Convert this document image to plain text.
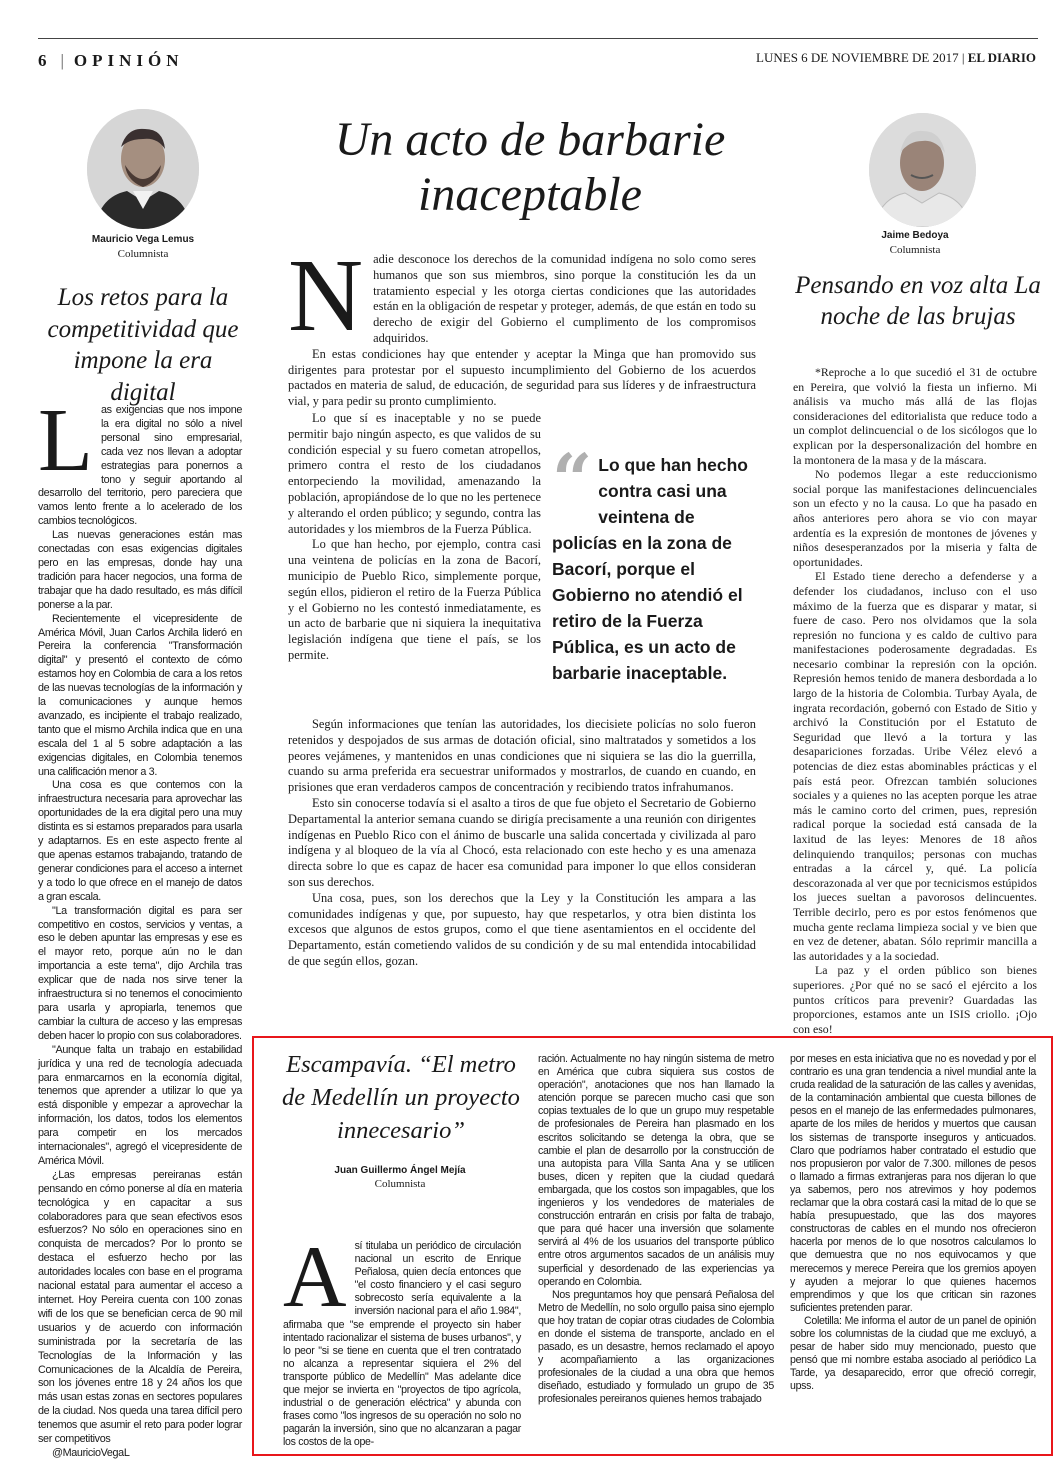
6 | OPINIÓN	LUNES 6 DE NOVIEMBRE DE 2017 | EL DIARIO
Mauricio Vega Lemus
Columnista
Los retos para la competitividad que impone la era digital

Las exigencias que nos impone la era digital no sólo a nivel personal sino empresarial, cada vez nos llevan a adoptar estrategias para ponernos a tono y seguir aportando al desarrollo del territorio, pero pareciera que vamos lento frente a lo acelerado de los cambios tecnológicos.

Las nuevas generaciones están mas conectadas con esas exigencias digitales pero en las empresas, donde hay una tradición para hacer negocios, una forma de trabajar que ha dado resultado, es más difícil ponerse a la par.

Recientemente el vicepresidente de América Móvil, Juan Carlos Archila lideró en Pereira la conferencia "Transformación digital" y presentó el contexto de cómo estamos hoy en Colombia de cara a los retos de las nuevas tecnologías de la información y la comunicaciones y aunque hemos avanzado, es incipiente el trabajo realizado, tanto que el mismo Archila indica que en una escala del 1 al 5 sobre adaptación a las exigencias digitales, en Colombia tenemos una calificación menor a 3.

Una cosa es que contemos con la infraestructura necesaria para aprovechar las oportunidades de la era digital pero una muy distinta es si estamos preparados para usarla y adaptarnos. Es en este aspecto frente al que apenas estamos trabajando, tratando de generar condiciones para el acceso a internet y a todo lo que ofrece en el manejo de datos a gran escala.

"La transformación digital es para ser competitivo en costos, servicios y ventas, a eso le deben apuntar las empresas y ese es el mayor reto, porque aún no le dan importancia a este tema", dijo Archila tras explicar que de nada nos sirve tener la infraestructura si no tenemos el conocimiento para usarla y apropiarla, tenemos que cambiar la cultura de acceso y las empresas deben hacer lo propio con sus colaboradores.

"Aunque falta un trabajo en estabilidad jurídica y una red de tecnología adecuada para enmarcarnos en la economía digital, tenemos que aprender a utilizar lo que ya está disponible y empezar a aprovechar la información, los datos, todos los elementos para competir en los mercados internacionales", agregó el vicepresidente de América Móvil.

¿Las empresas pereiranas están pensando en cómo ponerse al día en materia tecnológica y en capacitar a sus colaboradores para que sean efectivos esos esfuerzos? No sólo en operaciones sino en conquista de mercados? Por lo pronto se destaca el esfuerzo hecho por las autoridades locales con base en el programa nacional estatal para aumentar el acceso a internet. Hoy Pereira cuenta con 100 zonas wifi de los que se benefician cerca de 90 mil usuarios y de acuerdo con información suministrada por la secretaría de las Tecnologías de la Información y las Comunicaciones de la Alcaldía de Pereira, son los jóvenes entre 18 y 24 años los que más usan estas zonas en sectores populares de la ciudad. Nos queda una tarea difícil pero tenemos que asumir el reto para poder lograr ser competitivos

@MauricioVegaL

Un acto de barbarie inaceptable

Nadie desconoce los derechos de la comunidad indígena no solo como seres humanos que son sus miembros, sino porque la constitución les da un tratamiento especial y les otorga ciertas condiciones que las autoridades están en la obligación de respetar y proteger, además, de que están en todo su derecho de exigir del Gobierno el cumplimento de los compromisos adquiridos.

En estas condiciones hay que entender y aceptar la Minga que han promovido sus dirigentes para protestar por el supuesto incumplimiento del Gobierno de los acuerdos pactados en materia de salud, de educación, de seguridad para sus líderes y de infraestructura vial, y para pedir su pronto cumplimiento.

Lo que sí es inaceptable y no se puede permitir bajo ningún aspecto, es que validos de su condición especial y su fuero cometan atropellos, primero contra el resto de los ciudadanos entorpeciendo la movilidad, amenazando la población, apropiándose de lo que no les pertenece y alterando el orden público; y segundo, contra las autoridades y los miembros de la Fuerza Pública.

Lo que han hecho, por ejemplo, contra casi una veintena de policías en la zona de Bacorí, municipio de Pueblo Rico, simplemente porque, según ellos, pidieron el retiro de la Fuerza Pública y el Gobierno no les contestó inmediatamente, es un acto de barbarie que ni siquiera la inequitativa legislación indígena que tiene el país, se los permite.

“ Lo que han hecho contra casi una veintena de policías en la zona de Bacorí, porque el Gobierno no atendió el retiro de la Fuerza Pública, es un acto de barbarie inaceptable.

Según informaciones que tenían las autoridades, los diecisiete policías no solo fueron retenidos y despojados de sus armas de dotación oficial, sino maltratados y sometidos a los peores vejámenes, y mantenidos en unas condiciones que ni siquiera se las dio la guerrilla, cuando su arma preferida era secuestrar uniformados y mostrarlos, de cuando en cuando, en prisiones que eran verdaderos campos de concentración y recibiendo tratos infrahumanos.

Esto sin conocerse todavía si el asalto a tiros de que fue objeto el Secretario de Gobierno Departamental la anterior semana cuando se dirigía precisamente a una reunión con dirigentes indígenas en Pueblo Rico con el ánimo de buscarle una salida concertada y civilizada al paro indígena y al bloqueo de la vía al Chocó, esta relacionado con este hecho y es una amenaza directa sobre lo que es capaz de hacer esa comunidad para imponer lo que ellos consideran son sus derechos.

Una cosa, pues, son los derechos que la Ley y la Constitución les ampara a las comunidades indígenas y que, por supuesto, hay que respetarlos, y otra bien distinta los excesos que algunos de estos grupos, como el que tiene asentamientos en el occidente del Departamento, están cometiendo validos de su condición y de su mal entendida intocabilidad de que según ellos, gozan.

Jaime Bedoya
Columnista
Pensando en voz alta La noche de las brujas

*Reproche a lo que sucedió el 31 de octubre en Pereira, que volvió la fiesta un infierno. Mi análisis va mucho más allá de las flojas consideraciones del editorialista que reduce todo a un complot delincuencial o de los sicólogos que lo explican por la despersonalización del hombre en la montonera de la masa y de la máscara.

No podemos llegar a este reduccionismo social porque las manifestaciones delincuenciales son un efecto y no la causa. Lo que ha pasado en años anteriores pero ahora se vio con mayar ardentía es la expresión de montones de jóvenes y niños desesperanzados por la miseria y falta de oportunidades.

El Estado tiene derecho a defenderse y a defender los ciudadanos, incluso con el uso máximo de la fuerza que es disparar y matar, si fuere de caso. Pero nos olvidamos que la sola represión no funciona y es caldo de cultivo para manifestaciones poderosamente degradadas. Es necesario combinar la represión con la opción. Represión hemos tenido de manera desbordada a lo largo de la historia de Colombia. Turbay Ayala, de ingrata recordación, gobernó con Estado de Sitio y archivó la Constitución por el Estatuto de Seguridad que llevó a la tortura y las desapariciones forzadas. Uribe Vélez elevó a potencias de diez estas abominables prácticas y el país está peor. Ofrezcan también soluciones sociales y a quienes no las acepten porque les atrae más le camino corto del crimen, pues, represión radical porque la sociedad está cansada de la laxitud de las leyes: Menores de 18 años delinquiendo tranquilos; personas con muchas entradas a la cárcel y, qué. La policía descorazonada al ver que por tecnicismos estúpidos los jueces sueltan a pavorosos delincuentes. Terrible decirlo, pero es por estos fenómenos que mucha gente reclama limpieza social y ve bien que en vez de detener, abatan. Sólo reprimir mancilla a las autoridades y a la sociedad.

La paz y el orden público son bienes superiores. ¿Por qué no se sacó el ejército a los puntos críticos para prevenir? Guardadas las proporciones, estamos ante un ISIS criollo. ¡Ojo con eso!

Escampavía. “El metro de Medellín un proyecto innecesario”
Juan Guillermo Ángel Mejía
Columnista

Así titulaba un periódico de circulación nacional un escrito de Enrique Peñalosa, quien decía entonces que "el costo financiero y el casi seguro sobrecosto sería equivalente a la inversión nacional para el año 1.984", afirmaba que "se emprende el proyecto sin haber intentado racionalizar el sistema de buses urbanos", y lo peor "si se tiene en cuenta que el tren contratado no alcanza a representar siquiera el 2% del transporte público de Medellín" Mas adelante dice que mejor se invierta en "proyectos de tipo agrícola, industrial o de generación eléctrica" y abunda con frases como "los ingresos de su operación no solo no pagarán la inversión, sino que no alcanzaran a pagar los costos de la ope-

ración. Actualmente no hay ningún sistema de metro en América que cubra siquiera sus costos de operación", anotaciones que nos han llamado la atención porque se parecen mucho casi que son copias textuales de lo que un grupo muy respetable de profesionales de Pereira han plasmado en los escritos solicitando se detenga la obra, que se cambie el plan de desarrollo por la construcción de una autopista para Villa Santa Ana y se utilicen buses, dicen y repiten que la ciudad quedará embargada, que los costos son impagables, que los ingenieros y los vendedores de materiales de construcción entrarán en crisis por falta de trabajo, que para qué hacer una inversión que solamente servirá al 4% de los usuarios del transporte público entre otros argumentos sacados de un análisis muy superficial y desordenado de las experiencias ya operando en Colombia.

Nos preguntamos hoy que pensará Peñalosa del Metro de Medellín, no solo orgullo paisa sino ejemplo que hoy tratan de copiar otras ciudades de Colombia en donde el sistema de transporte, anclado en el pasado, es un desastre, hemos reclamado el apoyo y acompañamiento a las organizaciones profesionales de la ciudad a una obra que hemos diseñado, estudiado y formulado un grupo de 35 profesionales pereiranos quienes hemos trabajado

por meses en esta iniciativa que no es novedad y por el contrario es una gran tendencia a nivel mundial ante la cruda realidad de la saturación de las calles y avenidas, de la contaminación ambiental que cuesta billones de pesos en el manejo de las enfermedades pulmonares, aparte de los miles de heridos y muertos que causan los sistemas de transporte inseguros y anticuados. Claro que podríamos haber contratado el estudio que nos propusieron por valor de 7.300. millones de pesos o llamado a firmas extranjeras para nos dijeran lo que ya sabemos, pero nos atrevimos y hoy podemos reclamar que la obra costará casi la mitad de lo que se había presupuestado, que las dos mayores constructoras de cables en el mundo nos ofrecieron hacerla por menos de lo que nosotros calculamos lo que demuestra que no nos equivocamos y que merecemos y merece Pereira que los gremios apoyen y ayuden a mejorar lo que quienes hacemos emprendimos y que los que critican sin razones suficientes pretenden parar.

Coletilla: Me informa el autor de un panel de opinión sobre los columnistas de la ciudad que me excluyó, a pesar de haber sido muy mencionado, puesto que pensó que mi nombre estaba asociado al periódico La Tarde, ya desaparecido, error que ofreció corregir, upss.
